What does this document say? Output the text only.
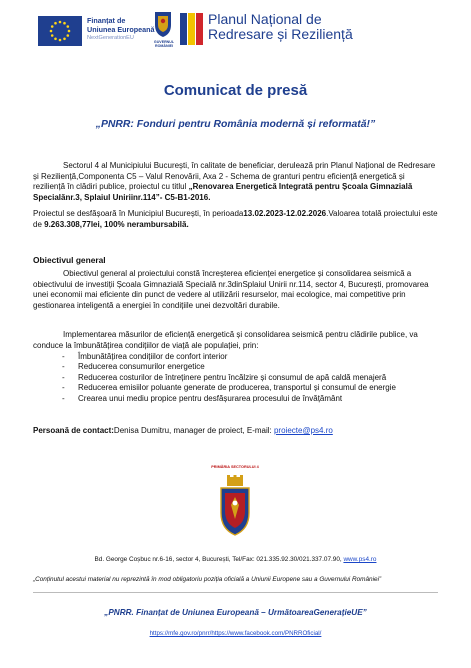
Finanțat de
Uniunea Europeană
NextGenerationEU
GUVERNUL ROMÂNIEI
Planul Național de
Redresare și Reziliență
Comunicat de presă
„PNRR: Fonduri pentru România modernă și reformată!”
Sectorul 4 al Municipiului București, în calitate de beneficiar, derulează prin Planul Național de Redresare și Reziliență,Componenta C5 – Valul Renovării, Axa 2 - Schema de granturi pentru eficiență energetică și reziliență în clădiri publice, proiectul cu titlul „Renovarea Energetică Integrată pentru Școala Gimnazială Specialănr.3, Splaiul Uniriinr.114”- C5-B1-2016.
Proiectul se desfășoară în Municipiul București, în perioada13.02.2023-12.02.2026.Valoarea totală proiectului este de 9.263.308,77lei, 100% nerambursabilă.
Obiectivul general
Obiectivul general al proiectului constă încreșterea eficienței energetice și consolidarea seismică a obiectivului de investiții Școala Gimnazială Specială nr.3dinSplaiul Unirii nr.114, sector 4, București, promovarea unei economii mai eficiente din punct de vedere al utilizării resurselor, mai ecologice, mai competitive prin gestionarea inteligentă a energiei în condițiile unei dezvoltări durabile.
Implementarea măsurilor de eficiență energetică și consolidarea seismică pentru clădirile publice, va conduce la îmbunătățirea condițiilor de viață ale populației, prin:
- Îmbunătățirea condițiilor de confort interior
- Reducerea consumurilor energetice
- Reducerea costurilor de întreținere pentru încălzire și consumul de apă caldă menajeră
- Reducerea emisiilor poluante generate de producerea, transportul și consumul de energie
- Crearea unui mediu propice pentru desfășurarea procesului de învățământ
Persoană de contact:Denisa Dumitru, manager de proiect, E-mail: proiecte@ps4.ro
PRIMĂRIA SECTORULUI 4
Bd. George Coșbuc nr.6-16, sector 4, București, Tel/Fax: 021.335.92.30/021.337.07.90, www.ps4.ro
„Conținutul acestui material nu reprezintă în mod obligatoriu poziția oficială a Uniunii Europene sau a Guvernului României”
„PNRR. Finanțat de Uniunea Europeană – UrmătoareaGenerațieUE”
https://mfe.gov.ro/pnrr/https://www.facebook.com/PNRROficial/
